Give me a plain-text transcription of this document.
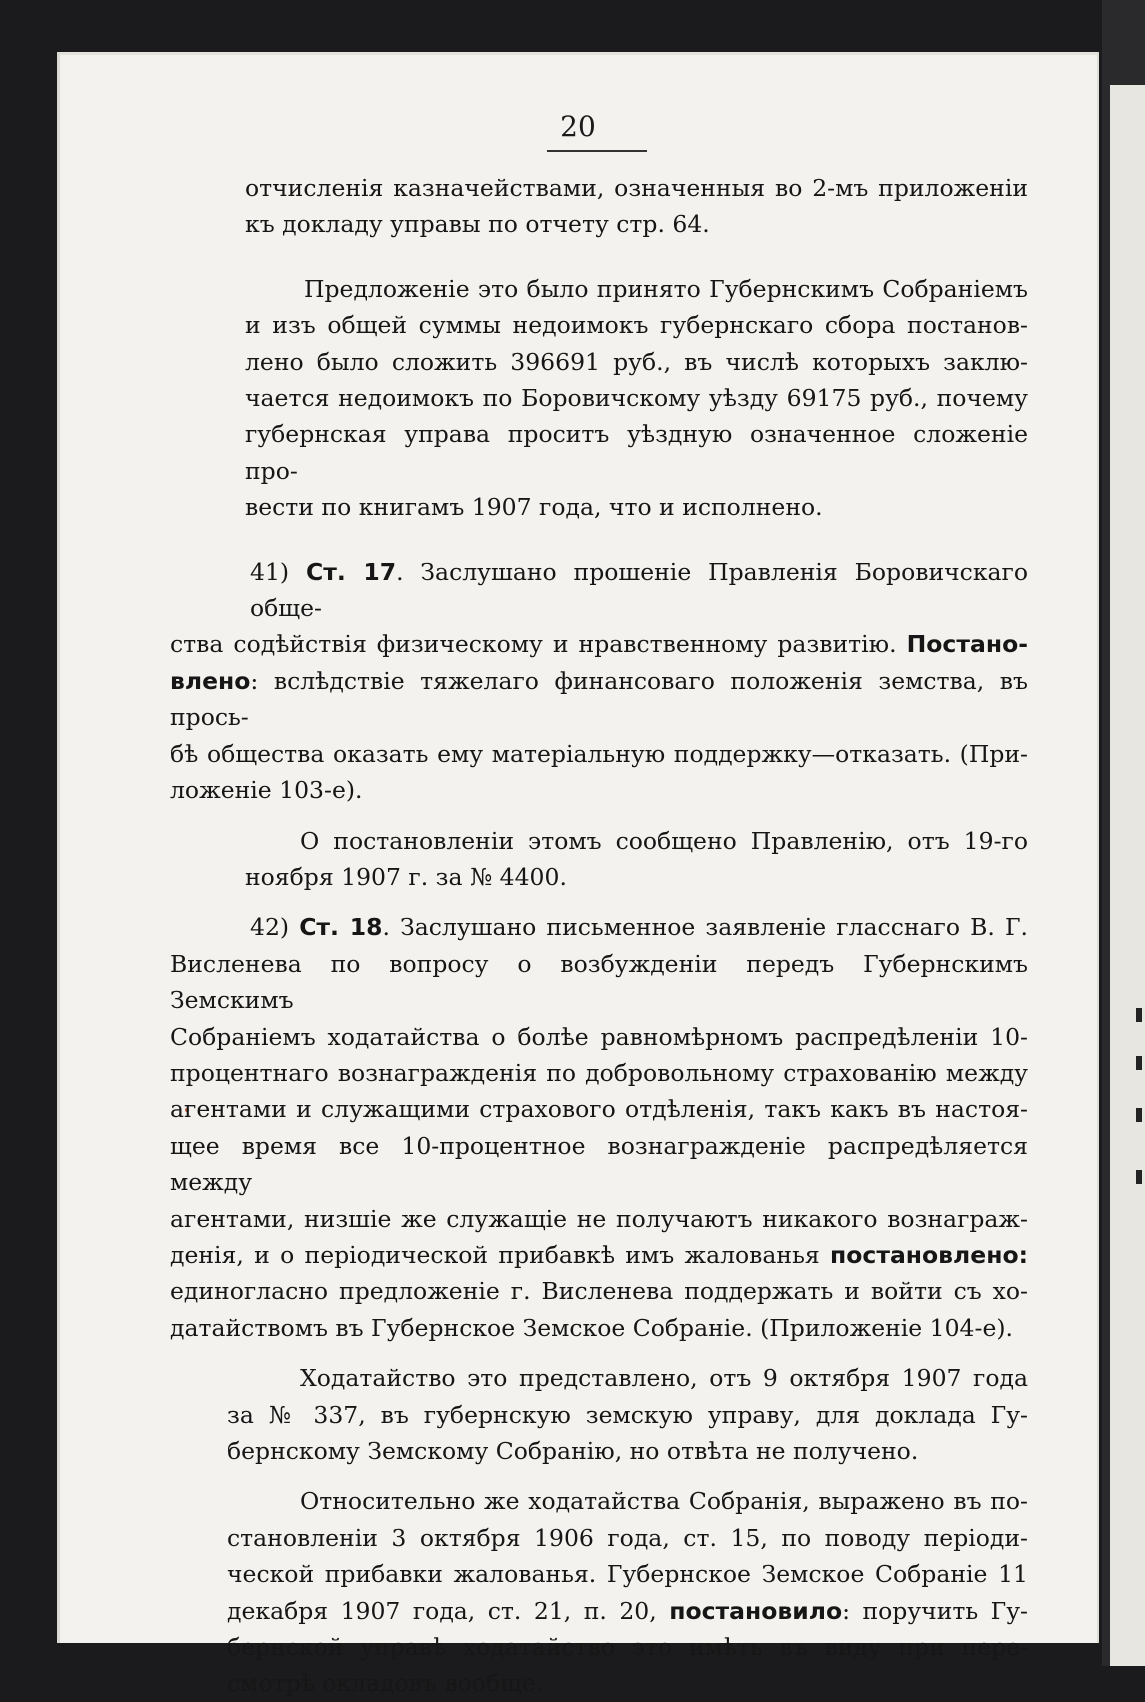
20

отчисленія казначействами, означенныя во 2-мъ приложеніи
къ докладу управы по отчету стр. 64.

Предложеніе это было принято Губернскимъ Собраніемъ
и изъ общей суммы недоимокъ губернскаго сбора постанов-
лено было сложить 396691 руб., въ числѣ которыхъ заклю-
чается недоимокъ по Боровичскому уѣзду 69175 руб., почему
губернская управа проситъ уѣздную означенное сложеніе про-
вести по книгамъ 1907 года, что и исполнено.

41) Ст. 17. Заслушано прошеніе Правленія Боровичскаго обще-
ства содѣйствія физическому и нравственному развитію. Постано-
влено: вслѣдствіе тяжелаго финансоваго положенія земства, въ прось-
бѣ общества оказать ему матеріальную поддержку—отказать. (При-
ложеніе 103-е).

О постановленіи этомъ сообщено Правленію, отъ 19-го
ноября 1907 г. за № 4400.

42) Ст. 18. Заслушано письменное заявленіе гласснаго В. Г.
Висленева по вопросу о возбужденіи передъ Губернскимъ Земскимъ
Собраніемъ ходатайства о болѣе равномѣрномъ распредѣленіи 10-
процентнаго вознагражденія по добровольному страхованію между
агентами и служащими страхового отдѣленія, такъ какъ въ настоя-
щее время все 10-процентное вознагражденіе распредѣляется между
агентами, низшіе же служащіе не получаютъ никакого вознаграж-
денія, и о періодической прибавкѣ имъ жалованья постановлено:
единогласно предложеніе г. Висленева поддержать и войти съ хо-
датайствомъ въ Губернское Земское Собраніе. (Приложеніе 104-е).

Ходатайство это представлено, отъ 9 октября 1907 года
за № 337, въ губернскую земскую управу, для доклада Гу-
бернскому Земскому Собранію, но отвѣта не получено.

Относительно же ходатайства Собранія, выражено въ по-
становленіи 3 октября 1906 года, ст. 15, по поводу періоди-
ческой прибавки жалованья. Губернское Земское Собраніе 11
декабря 1907 года, ст. 21, п. 20, постановило: поручить Гу-
бернской управѣ ходатайство это имѣть въ виду при пере-
смотрѣ окладовъ вообще.
